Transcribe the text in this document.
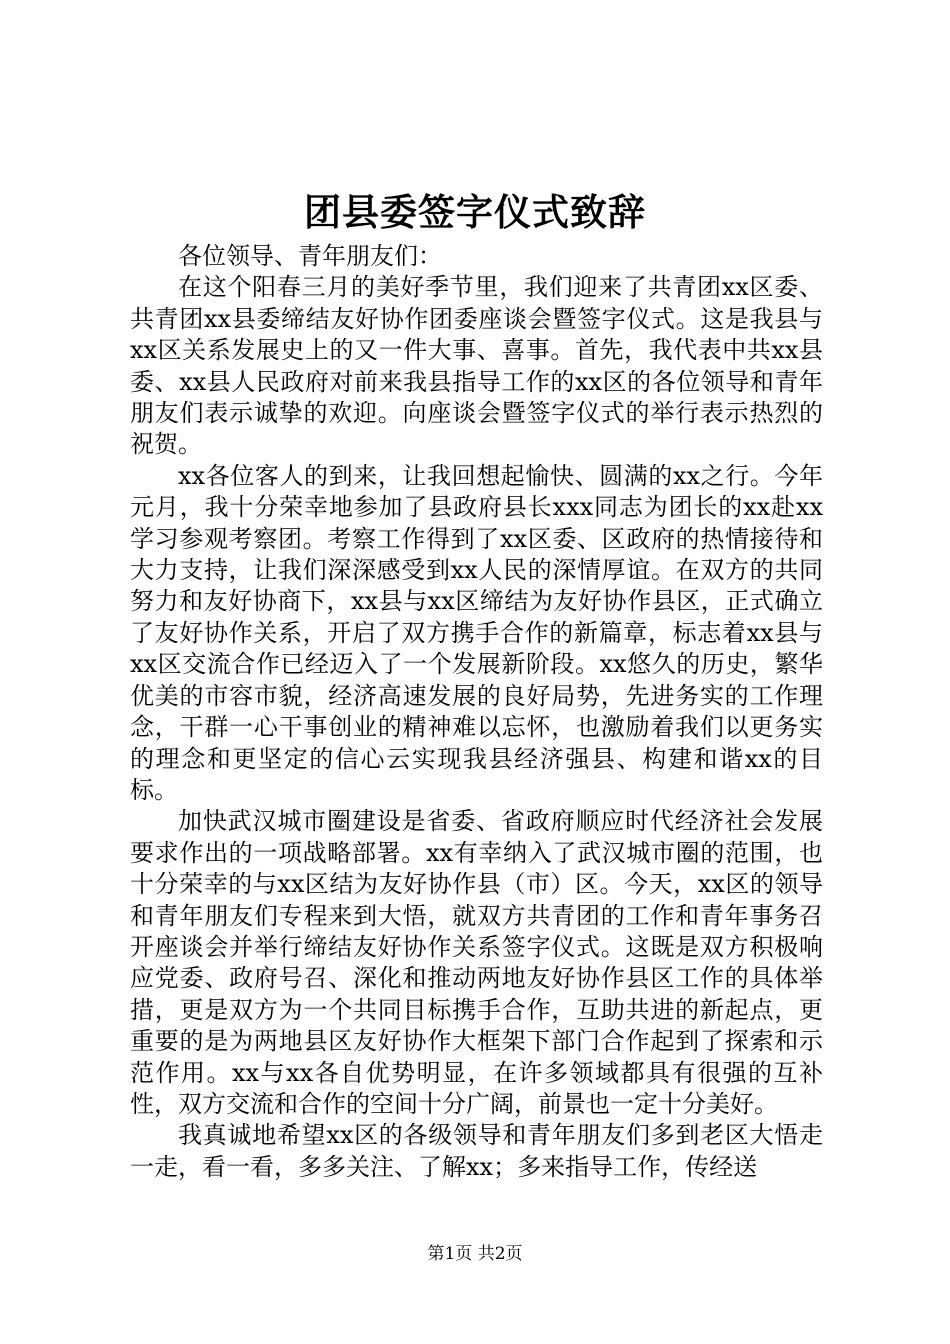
团县委签字仪式致辞

各位领导、青年朋友们：

在这个阳春三月的美好季节里，我们迎来了共青团xx区委、共青团xx县委缔结友好协作团委座谈会暨签字仪式。这是我县与xx区关系发展史上的又一件大事、喜事。首先，我代表中共xx县委、xx县人民政府对前来我县指导工作的xx区的各位领导和青年朋友们表示诚挚的欢迎。向座谈会暨签字仪式的举行表示热烈的祝贺。

xx各位客人的到来，让我回想起愉快、圆满的xx之行。今年元月，我十分荣幸地参加了县政府县长xxx同志为团长的xx赴xx学习参观考察团。考察工作得到了xx区委、区政府的热情接待和大力支持，让我们深深感受到xx人民的深情厚谊。在双方的共同努力和友好协商下，xx县与xx区缔结为友好协作县区，正式确立了友好协作关系，开启了双方携手合作的新篇章，标志着xx县与xx区交流合作已经迈入了一个发展新阶段。xx悠久的历史，繁华优美的市容市貌，经济高速发展的良好局势，先进务实的工作理念，干群一心干事创业的精神难以忘怀，也激励着我们以更务实的理念和更坚定的信心云实现我县经济强县、构建和谐xx的目标。

加快武汉城市圈建设是省委、省政府顺应时代经济社会发展要求作出的一项战略部署。xx有幸纳入了武汉城市圈的范围，也十分荣幸的与xx区结为友好协作县（市）区。今天，xx区的领导和青年朋友们专程来到大悟，就双方共青团的工作和青年事务召开座谈会并举行缔结友好协作关系签字仪式。这既是双方积极响应党委、政府号召、深化和推动两地友好协作县区工作的具体举措，更是双方为一个共同目标携手合作，互助共进的新起点，更重要的是为两地县区友好协作大框架下部门合作起到了探索和示范作用。xx与xx各自优势明显，在许多领域都具有很强的互补性，双方交流和合作的空间十分广阔，前景也一定十分美好。

我真诚地希望xx区的各级领导和青年朋友们多到老区大悟走一走，看一看，多多关注、了解xx；多来指导工作，传经送

第1页 共2页
